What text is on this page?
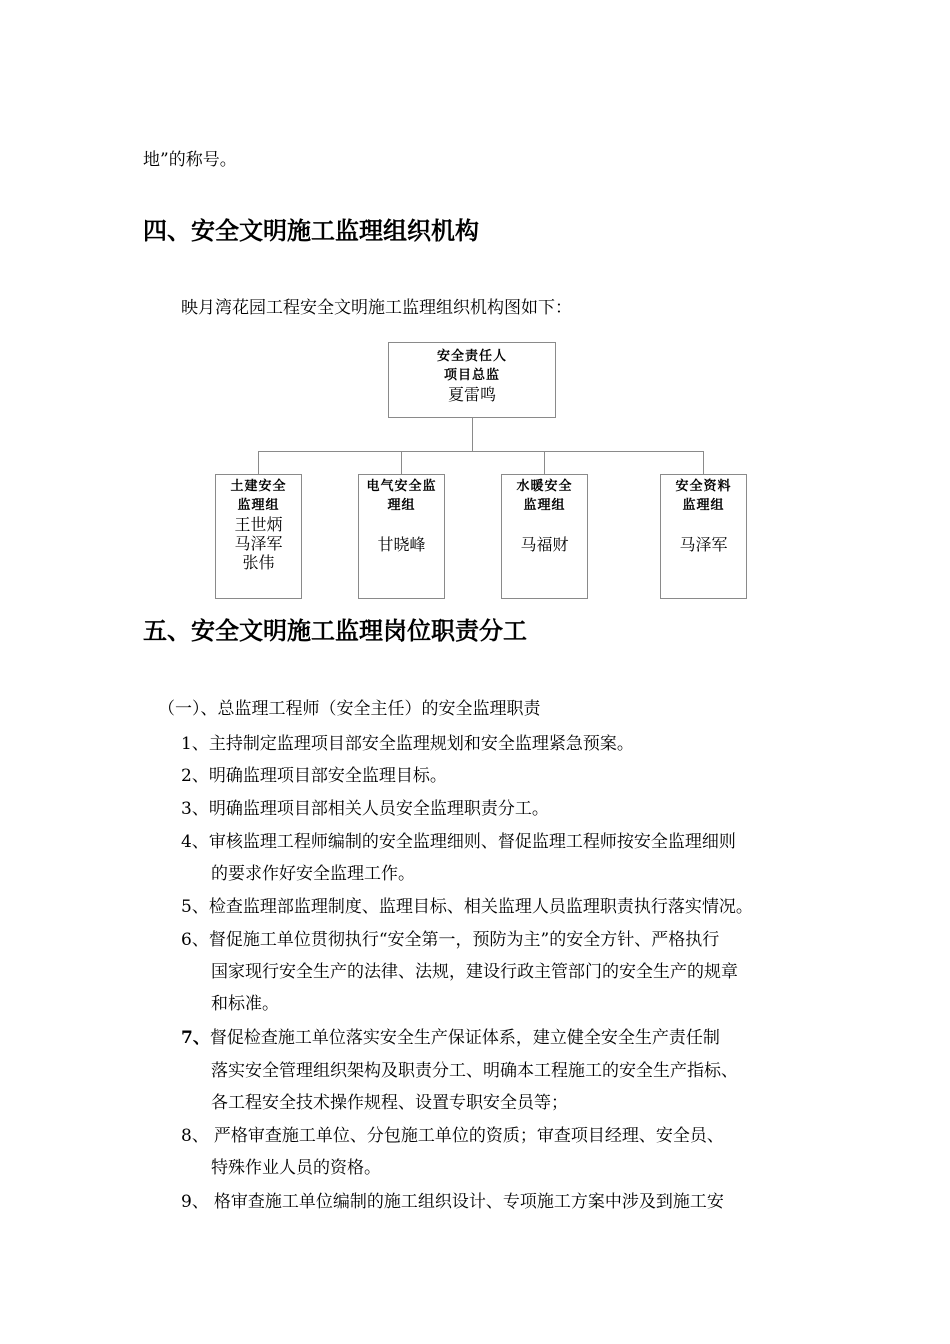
地”的称号。
四、安全文明施工监理组织机构
映月湾花园工程安全文明施工监理组织机构图如下：
安全责任人
项目总监
夏雷鸣
土建安全
监理组
王世炳
马泽军
张伟
电气安全监
理组
甘晓峰
水暖安全
监理组
马福财
安全资料
监理组
马泽军
五、安全文明施工监理岗位职责分工
（一）、总监理工程师（安全主任）的安全监理职责
1、主持制定监理项目部安全监理规划和安全监理紧急预案。
2、明确监理项目部安全监理目标。
3、明确监理项目部相关人员安全监理职责分工。
4、审核监理工程师编制的安全监理细则、督促监理工程师按安全监理细则
的要求作好安全监理工作。
5、检查监理部监理制度、监理目标、相关监理人员监理职责执行落实情况。
6、督促施工单位贯彻执行“安全第一，预防为主”的安全方针、严格执行
国家现行安全生产的法律、法规，建设行政主管部门的安全生产的规章
和标准。
7、督促检查施工单位落实安全生产保证体系，建立健全安全生产责任制
落实安全管理组织架构及职责分工、明确本工程施工的安全生产指标、
各工程安全技术操作规程、设置专职安全员等；
8、 严格审查施工单位、分包施工单位的资质；审查项目经理、安全员、
特殊作业人员的资格。
9、 格审查施工单位编制的施工组织设计、专项施工方案中涉及到施工安
